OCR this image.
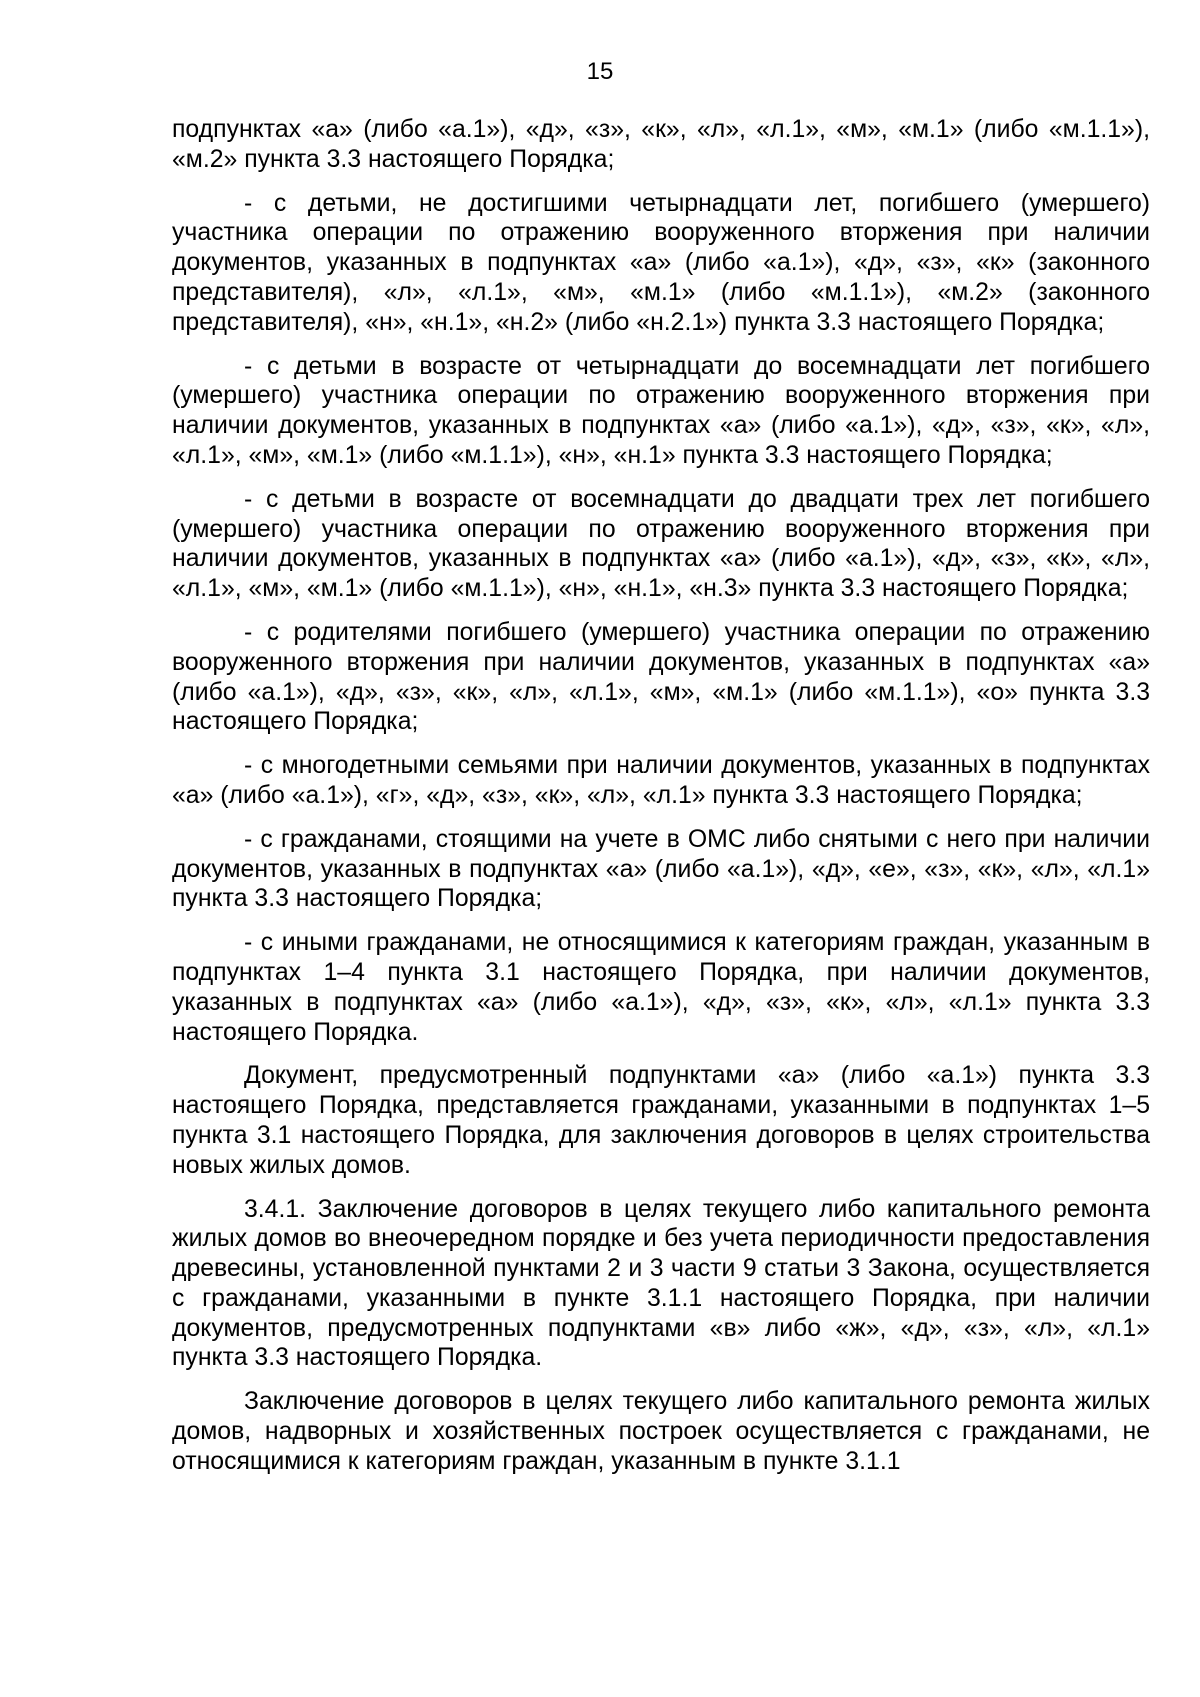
15

подпунктах «а» (либо «а.1»), «д», «з», «к», «л», «л.1», «м», «м.1» (либо «м.1.1»), «м.2» пункта 3.3 настоящего Порядка;

- с детьми, не достигшими четырнадцати лет, погибшего (умершего) участника операции по отражению вооруженного вторжения при наличии документов, указанных в подпунктах «а» (либо «а.1»), «д», «з», «к» (законного представителя), «л», «л.1», «м», «м.1» (либо «м.1.1»), «м.2» (законного представителя), «н», «н.1», «н.2» (либо «н.2.1») пункта 3.3 настоящего Порядка;

- с детьми в возрасте от четырнадцати до восемнадцати лет погибшего (умершего) участника операции по отражению вооруженного вторжения при наличии документов, указанных в подпунктах «а» (либо «а.1»), «д», «з», «к», «л», «л.1», «м», «м.1» (либо «м.1.1»), «н», «н.1» пункта 3.3 настоящего Порядка;

- с детьми в возрасте от восемнадцати до двадцати трех лет погибшего (умершего) участника операции по отражению вооруженного вторжения при наличии документов, указанных в подпунктах «а» (либо «а.1»), «д», «з», «к», «л», «л.1», «м», «м.1» (либо «м.1.1»), «н», «н.1», «н.3» пункта 3.3 настоящего Порядка;

- с родителями погибшего (умершего) участника операции по отражению вооруженного вторжения при наличии документов, указанных в подпунктах «а» (либо «а.1»), «д», «з», «к», «л», «л.1», «м», «м.1» (либо «м.1.1»), «о» пункта 3.3 настоящего Порядка;

- с многодетными семьями при наличии документов, указанных в подпунктах «а» (либо «а.1»), «г», «д», «з», «к», «л», «л.1» пункта 3.3 настоящего Порядка;

- с гражданами, стоящими на учете в ОМС либо снятыми с него при наличии документов, указанных в подпунктах «а» (либо «а.1»), «д», «е», «з», «к», «л», «л.1» пункта 3.3 настоящего Порядка;

- с иными гражданами, не относящимися к категориям граждан, указанным в подпунктах 1–4 пункта 3.1 настоящего Порядка, при наличии документов, указанных в подпунктах «а» (либо «а.1»), «д», «з», «к», «л», «л.1» пункта 3.3 настоящего Порядка.

Документ, предусмотренный подпунктами «а» (либо «а.1») пункта 3.3 настоящего Порядка, представляется гражданами, указанными в подпунктах 1–5 пункта 3.1 настоящего Порядка, для заключения договоров в целях строительства новых жилых домов.

3.4.1. Заключение договоров в целях текущего либо капитального ремонта жилых домов во внеочередном порядке и без учета периодичности предоставления древесины, установленной пунктами 2 и 3 части 9 статьи 3 Закона, осуществляется с гражданами, указанными в пункте 3.1.1 настоящего Порядка, при наличии документов, предусмотренных подпунктами «в» либо «ж», «д», «з», «л», «л.1» пункта 3.3 настоящего Порядка.

Заключение договоров в целях текущего либо капитального ремонта жилых домов, надворных и хозяйственных построек осуществляется с гражданами, не относящимися к категориям граждан, указанным в пункте 3.1.1
